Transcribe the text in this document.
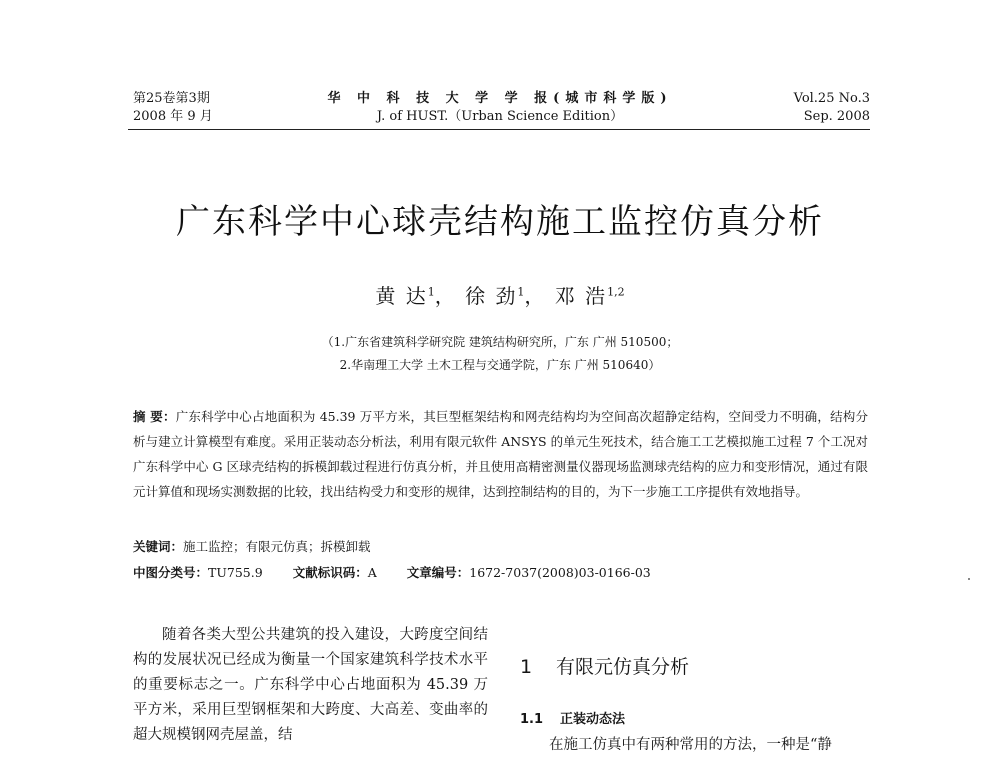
第25卷第3期
2008 年 9 月
华 中 科 技 大 学 学 报(城市科学版)
J. of HUST.（Urban Science Edition）
Vol.25 No.3
Sep. 2008
广东科学中心球壳结构施工监控仿真分析
黄 达$^1$， 徐 劲$^1$， 邓 浩$^{1,2}$
（1.广东省建筑科学研究院 建筑结构研究所，广东 广州 510500；
2.华南理工大学 土木工程与交通学院，广东 广州 510640）
摘 要：广东科学中心占地面积为 45.39 万平方米，其巨型框架结构和网壳结构均为空间高次超静定结构，空间受力不明确，结构分析与建立计算模型有难度。采用正装动态分析法，利用有限元软件 ANSYS 的单元生死技术，结合施工工艺模拟施工过程 7 个工况对广东科学中心 G 区球壳结构的拆模卸载过程进行仿真分析，并且使用高精密测量仪器现场监测球壳结构的应力和变形情况，通过有限元计算值和现场实测数据的比较，找出结构受力和变形的规律，达到控制结构的目的，为下一步施工工序提供有效地指导。
关键词：施工监控；有限元仿真；拆模卸载
中图分类号：TU755.9 文献标识码：A 文章编号：1672-7037(2008)03-0166-03

随着各类大型公共建筑的投入建设，大跨度空间结构的发展状况已经成为衡量一个国家建筑科学技术水平的重要标志之一。广东科学中心占地面积为 45.39 万平方米，采用巨型钢框架和大跨度、大高差、变曲率的超大规模钢网壳屋盖，结

1 有限元仿真分析
1.1 正装动态法

在施工仿真中有两种常用的方法，一种是“静
